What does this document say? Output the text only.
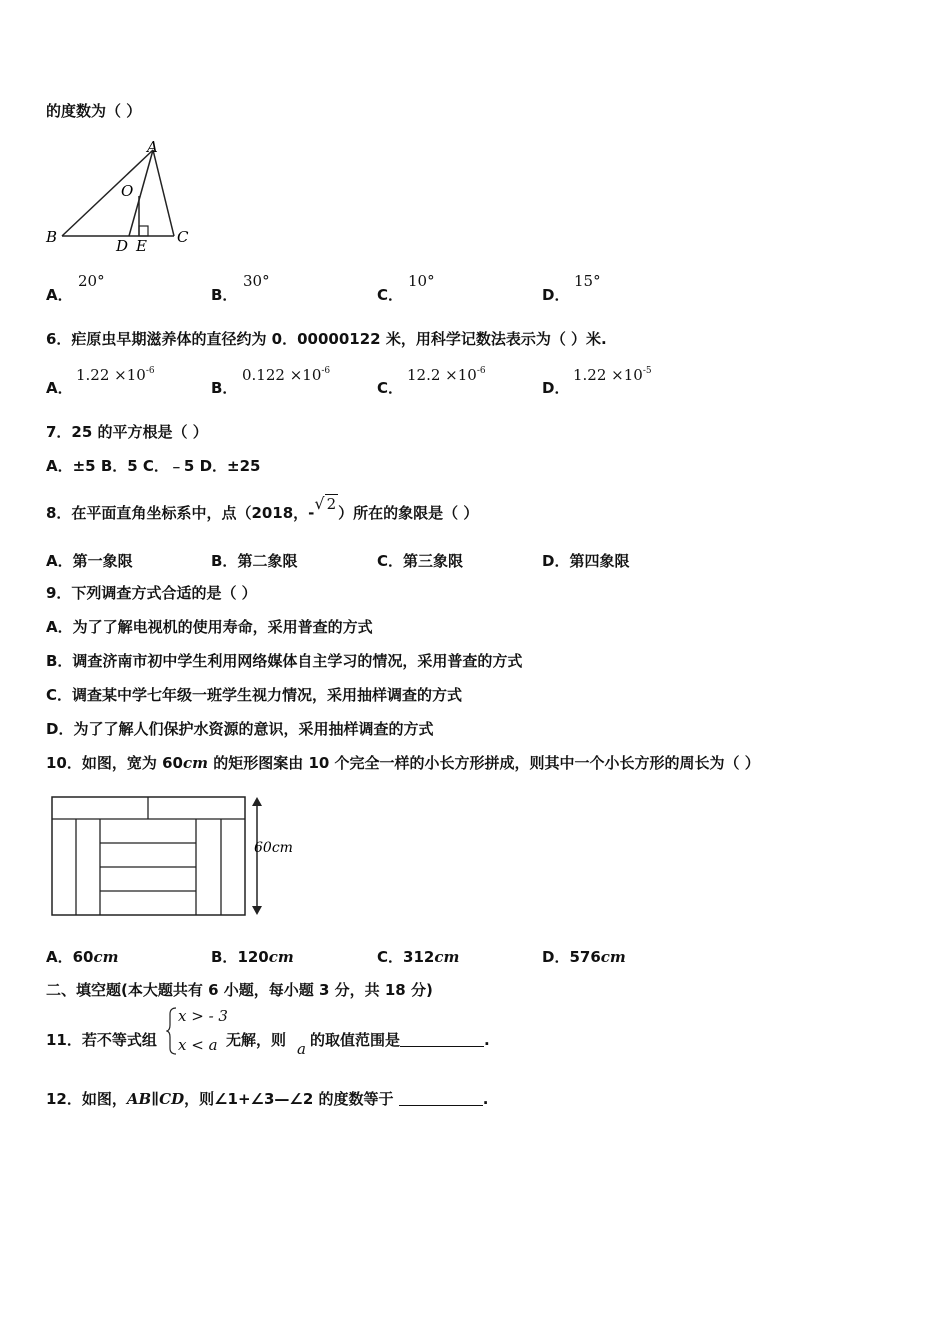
的度数为（ ）
A
O
B	D E C
A．
20°
B．
30°
C．
10°
D．
15°
6．疟原虫早期滋养体的直径约为 0．00000122 米，用科学记数法表示为（ ）米.
A．
$1.22 \times 10^{-6}$
B．
$0.122 \times 10^{-6}$
C．
$12.2 \times 10^{-6}$
D．
$1.22 \times 10^{-5}$
7．25 的平方根是（ ）
A．±5 B．5 C．﹣5 D．±25
8．在平面直角坐标系中，点（2018，-√ 2 ）所在的象限是（ ）
A．第一象限	B．第二象限	C．第三象限	D．第四象限
9．下列调查方式合适的是（ ）
A．为了了解电视机的使用寿命，采用普查的方式
B．调查济南市初中学生利用网络媒体自主学习的情况，采用普查的方式
C．调查某中学七年级一班学生视力情况，采用抽样调查的方式
D．为了了解人们保护水资源的意识，采用抽样调查的方式
10．如图，宽为 60cm 的矩形图案由 10 个完全一样的小长方形拼成，则其中一个小长方形的周长为（ ）
60cm
A．60cm	B．120cm	C．312cm	D．576cm
二、填空题(本大题共有 6 小题，每小题 3 分，共 18 分)
11．若不等式组
x > - 3
x < a 无解，则 a 的取值范围是	.
12．如图，AB∥CD，则∠1+∠3—∠2 的度数等于	.
